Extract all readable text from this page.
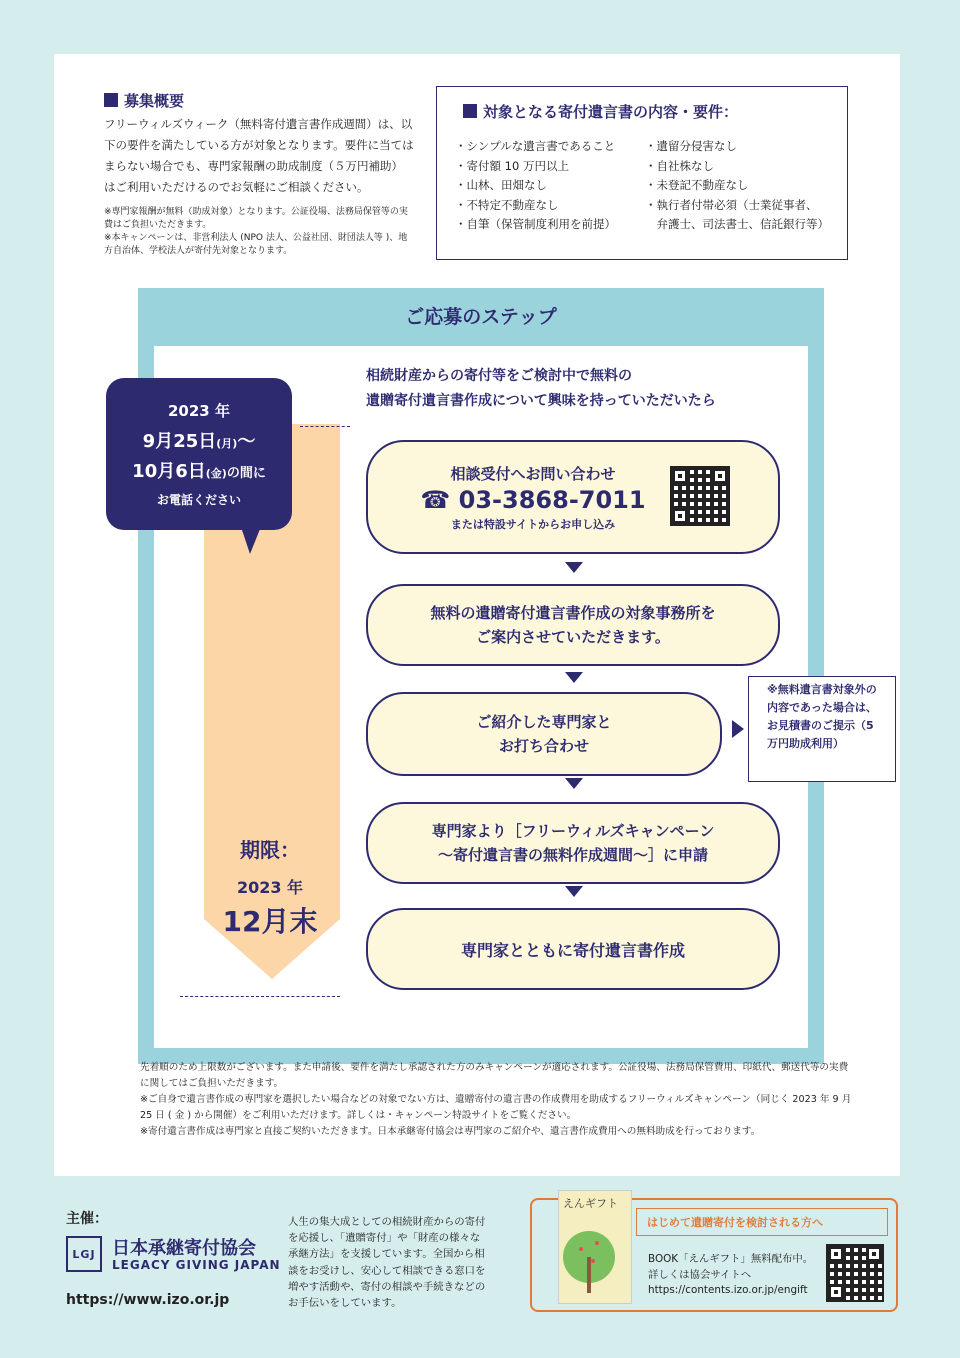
募集概要
フリーウィルズウィーク（無料寄付遺言書作成週間）は、以下の要件を満たしている方が対象となります。要件に当てはまらない場合でも、専門家報酬の助成制度（５万円補助）はご利用いただけるのでお気軽にご相談ください。
※専門家報酬が無料（助成対象）となります。公証役場、法務局保管等の実費はご負担いただきます。
※本キャンペーンは、非営利法人 (NPO 法人、公益社団、財団法人等 )、地方自治体、学校法人が寄付先対象となります。
対象となる寄付遺言書の内容・要件：
・シンプルな遺言書であること
・寄付額 10 万円以上
・山林、田畑なし
・不特定不動産なし
・自筆（保管制度利用を前提）
・遺留分侵害なし
・自社株なし
・未登記不動産なし
・執行者付帯必須（士業従事者、
　弁護士、司法書士、信託銀行等）
ご応募のステップ
相続財産からの寄付等をご検討中で無料の
遺贈寄付遺言書作成について興味を持っていただいたら
期限：
2023 年
12月末
相談受付へお問い合わせ
☎ 03-3868-7011
または特設サイトからお申し込み
無料の遺贈寄付遺言書作成の対象事務所を
ご案内させていただきます。
ご紹介した専門家と
お打ち合わせ
専門家より［フリーウィルズキャンペーン
〜寄付遺言書の無料作成週間〜］に申請
専門家とともに寄付遺言書作成
2023 年
9月25日(月)〜
10月6日(金)の間に
お電話ください
※無料遺言書対象外の内容であった場合は、お見積書のご提示（5 万円助成利用）
先着順のため上限数がございます。また申請後、要件を満たし承認された方のみキャンペーンが適応されます。公証役場、法務局保管費用、印紙代、郵送代等の実費に関してはご負担いただきます。
※ご自身で遺言書作成の専門家を選択したい場合などの対象でない方は、遺贈寄付の遺言書の作成費用を助成するフリーウィルズキャンペーン（同じく 2023 年 9 月 25 日 ( 金 ) から開催）をご利用いただけます。詳しくは・キャンペーン特設サイトをご覧ください。
※寄付遺言書作成は専門家と直接ご契約いただきます。日本承継寄付協会は専門家のご紹介や、遺言書作成費用への無料助成を行っております。
主催：
LGJ 日本承継寄付協会
LEGACY GIVING JAPAN
https://www.izo.or.jp
人生の集大成としての相続財産からの寄付を応援し、「遺贈寄付」や「財産の様々な承継方法」を支援しています。全国から相談をお受けし、安心して相談できる窓口を増やす活動や、寄付の相談や手続きなどのお手伝いをしています。
えんギフト
はじめて遺贈寄付を検討される方へ
BOOK「えんギフト」無料配布中。
詳しくは協会サイトへ
https://contents.izo.or.jp/engift
